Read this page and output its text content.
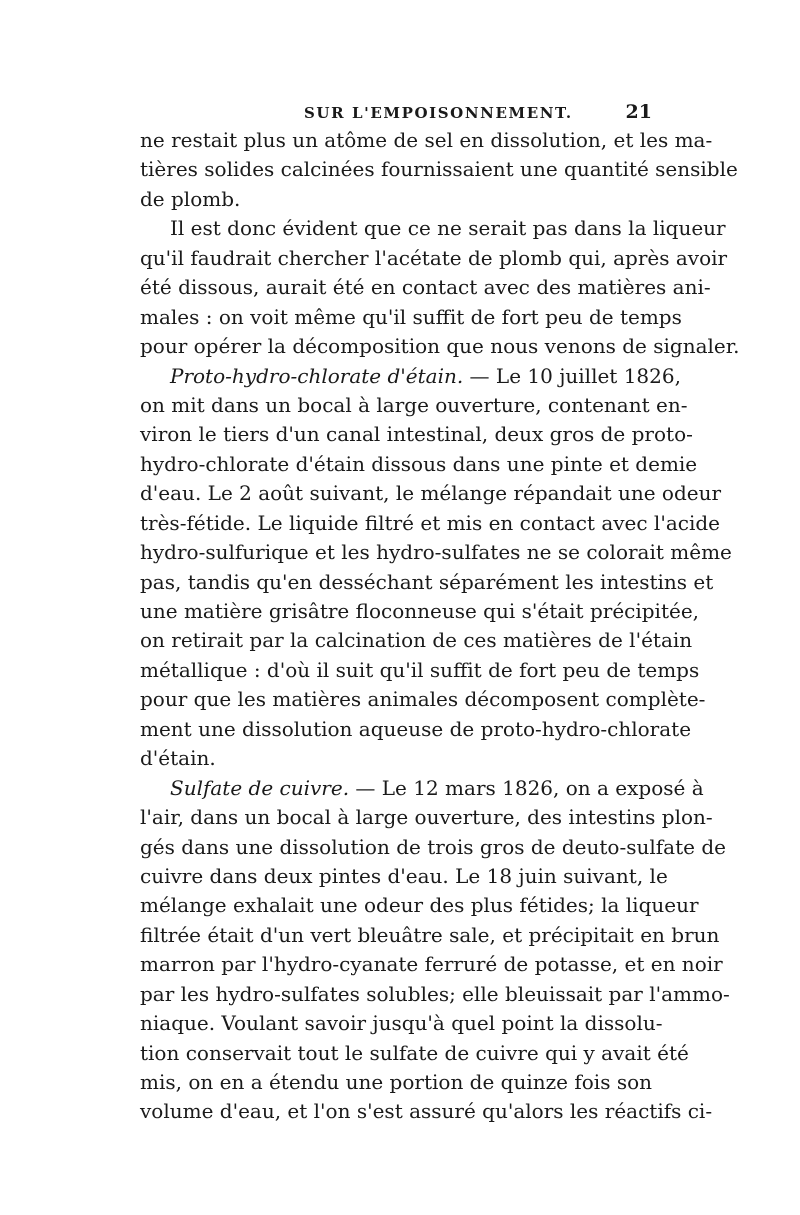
SUR L'EMPOISONNEMENT.	21
ne restait plus un atôme de sel en dissolution, et les ma-
tières solides calcinées fournissaient une quantité sensible
de plomb.
Il est donc évident que ce ne serait pas dans la liqueur
qu'il faudrait chercher l'acétate de plomb qui, après avoir
été dissous, aurait été en contact avec des matières ani-
males : on voit même qu'il suffit de fort peu de temps
pour opérer la décomposition que nous venons de signaler.
Proto-hydro-chlorate d'étain. — Le 10 juillet 1826,
on mit dans un bocal à large ouverture, contenant en-
viron le tiers d'un canal intestinal, deux gros de proto-
hydro-chlorate d'étain dissous dans une pinte et demie
d'eau. Le 2 août suivant, le mélange répandait une odeur
très-fétide. Le liquide filtré et mis en contact avec l'acide
hydro-sulfurique et les hydro-sulfates ne se colorait même
pas, tandis qu'en desséchant séparément les intestins et
une matière grisâtre floconneuse qui s'était précipitée,
on retirait par la calcination de ces matières de l'étain
métallique : d'où il suit qu'il suffit de fort peu de temps
pour que les matières animales décomposent complète-
ment une dissolution aqueuse de proto-hydro-chlorate
d'étain.
Sulfate de cuivre. — Le 12 mars 1826, on a exposé à
l'air, dans un bocal à large ouverture, des intestins plon-
gés dans une dissolution de trois gros de deuto-sulfate de
cuivre dans deux pintes d'eau. Le 18 juin suivant, le
mélange exhalait une odeur des plus fétides; la liqueur
filtrée était d'un vert bleuâtre sale, et précipitait en brun
marron par l'hydro-cyanate ferruré de potasse, et en noir
par les hydro-sulfates solubles; elle bleuissait par l'ammo-
niaque. Voulant savoir jusqu'à quel point la dissolu-
tion conservait tout le sulfate de cuivre qui y avait été
mis, on en a étendu une portion de quinze fois son
volume d'eau, et l'on s'est assuré qu'alors les réactifs ci-
